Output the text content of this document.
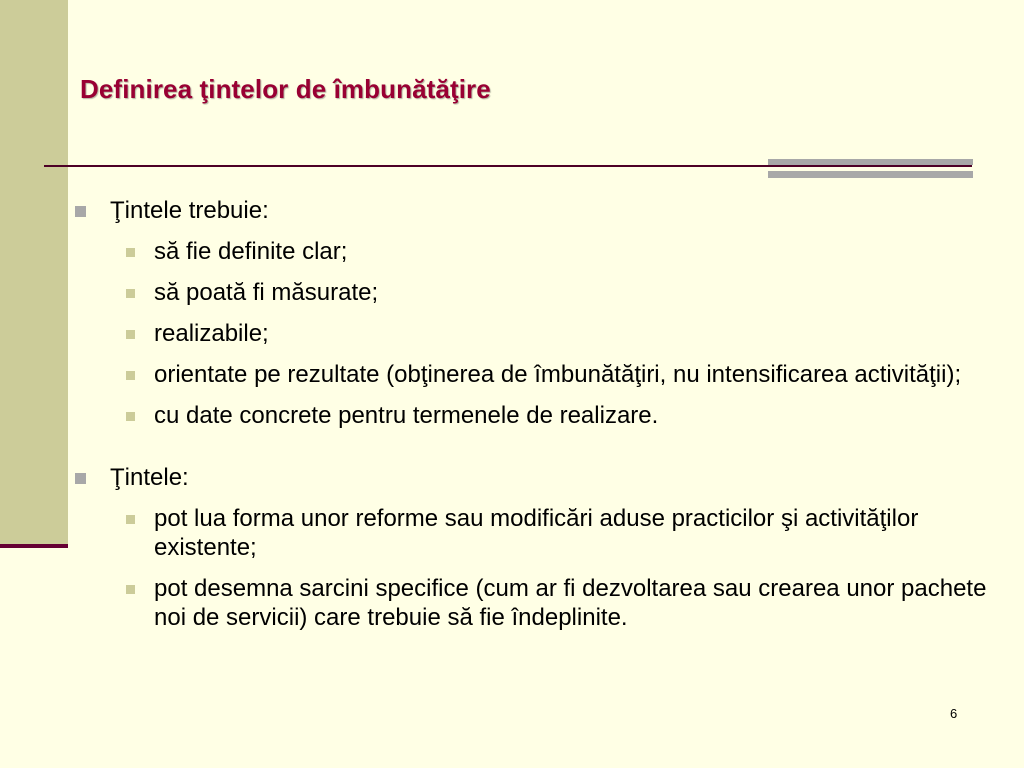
Definirea ţintelor de îmbunătăţire
Ţintele trebuie:
să fie definite clar;
să poată fi măsurate;
realizabile;
orientate pe rezultate (obţinerea de îmbunătăţiri, nu intensificarea activităţii);
cu date concrete pentru termenele de realizare.
Ţintele:
pot lua forma unor reforme sau modificări aduse practicilor şi activităţilor existente;
pot desemna sarcini specifice (cum ar fi dezvoltarea sau crearea unor pachete noi de servicii) care trebuie să fie îndeplinite.
6
